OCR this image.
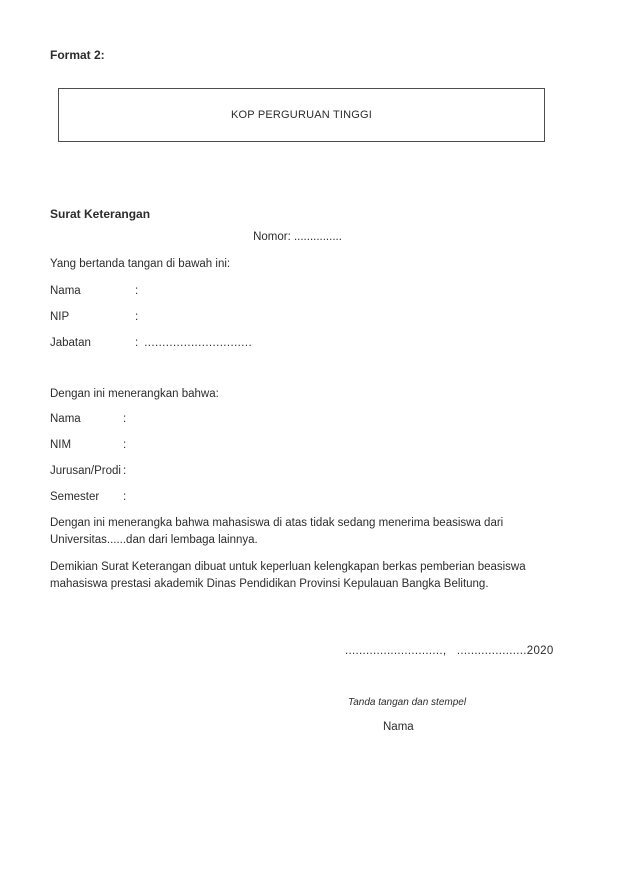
Format 2:
KOP PERGURUAN TINGGI
Surat Keterangan
Nomor: ...............
Yang bertanda tangan di bawah ini:
Nama	:
NIP	:
Jabatan	: ..............................
Dengan ini menerangkan bahwa:
Nama	:
NIM	:
Jurusan/Prodi :
Semester	:
Dengan ini menerangka bahwa mahasiswa di atas tidak sedang menerima beasiswa dari Universitas......dan dari lembaga lainnya.
Demikian Surat Keterangan dibuat untuk keperluan kelengkapan berkas pemberian beasiswa mahasiswa prestasi akademik Dinas Pendidikan Provinsi Kepulauan Bangka Belitung.
............................,   ....................2020
Tanda tangan dan stempel
Nama
